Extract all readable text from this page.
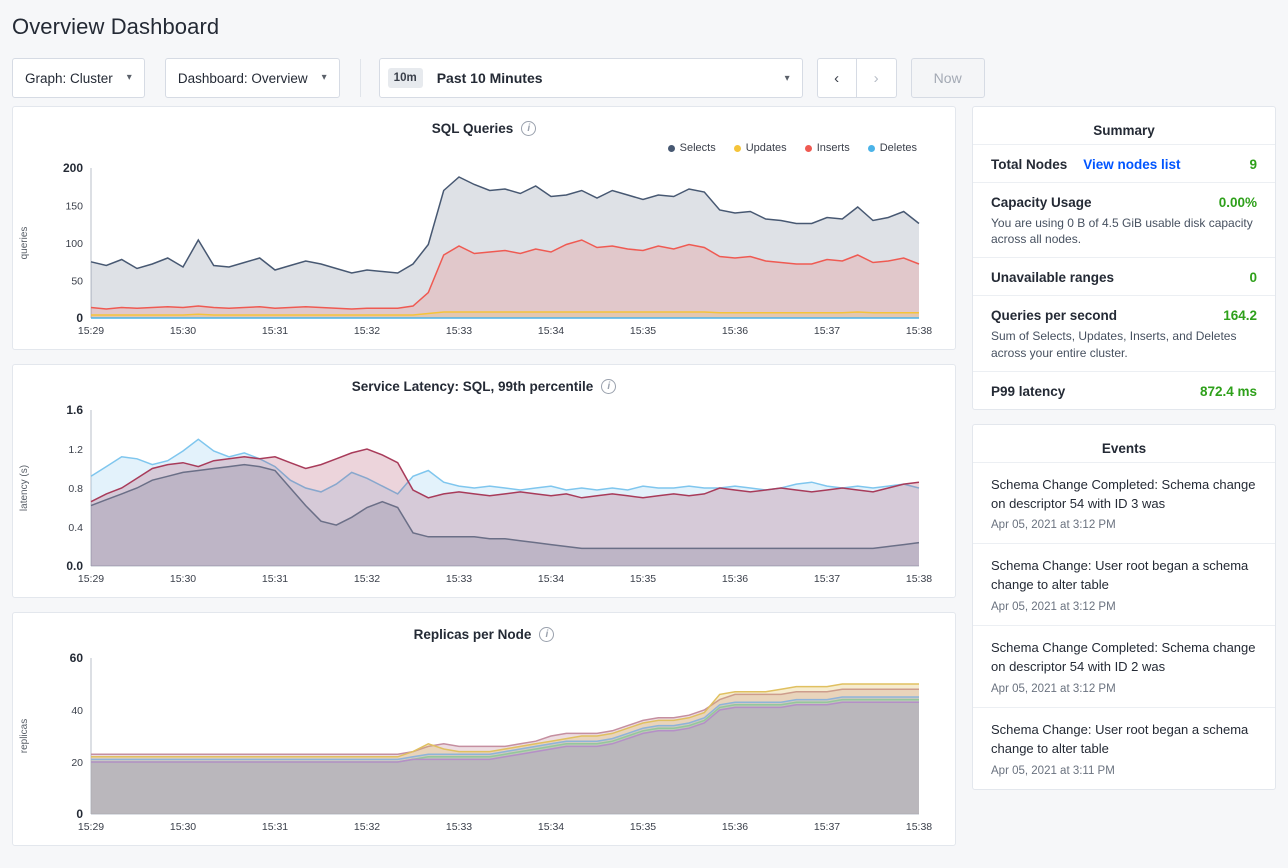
Overview Dashboard
Graph: Cluster ▾	Dashboard: Overview ▾	10m	Past 10 Minutes	▾	‹	›	Now
SQL Queries	i
Selects	Updates	Inserts	Deletes
200
150
100
50
0
15:29	15:30	15:31	15:32	15:33	15:34	15:35	15:36	15:37	15:38
queries
Service Latency: SQL, 99th percentile	i
1.6
1.2
0.8
0.4
0.0
15:29	15:30	15:31	15:32	15:33	15:34	15:35	15:36	15:37	15:38
latency (s)
Replicas per Node	i
60
40
20
0
15:29	15:30	15:31	15:32	15:33	15:34	15:35	15:36	15:37	15:38
replicas
Summary
Total Nodes View nodes list	9
Capacity Usage	0.00%
You are using 0 B of 4.5 GiB usable disk capacity across all nodes.
Unavailable ranges	0
Queries per second	164.2
Sum of Selects, Updates, Inserts, and Deletes across your entire cluster.
P99 latency	872.4 ms
Events
Schema Change Completed: Schema change on descriptor 54 with ID 3 was
Apr 05, 2021 at 3:12 PM
Schema Change: User root began a schema change to alter table
Apr 05, 2021 at 3:12 PM
Schema Change Completed: Schema change on descriptor 54 with ID 2 was
Apr 05, 2021 at 3:12 PM
Schema Change: User root began a schema change to alter table
Apr 05, 2021 at 3:11 PM
